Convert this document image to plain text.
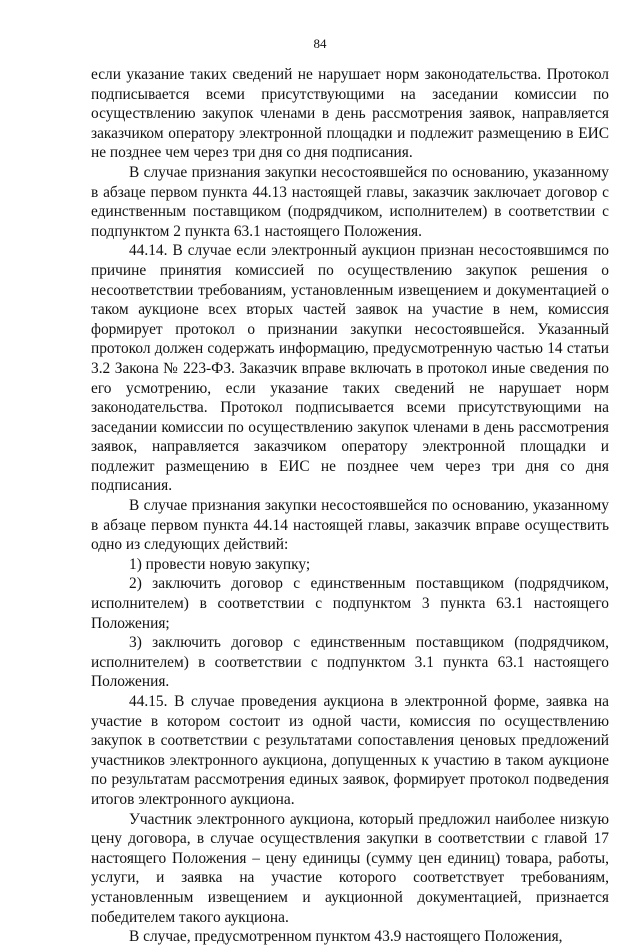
84

если указание таких сведений не нарушает норм законодательства. Протокол подписывается всеми присутствующими на заседании комиссии по осуществлению закупок членами в день рассмотрения заявок, направляется заказчиком оператору электронной площадки и подлежит размещению в ЕИС не позднее чем через три дня со дня подписания.

В случае признания закупки несостоявшейся по основанию, указанному в абзаце первом пункта 44.13 настоящей главы, заказчик заключает договор с единственным поставщиком (подрядчиком, исполнителем) в соответствии с подпунктом 2 пункта 63.1 настоящего Положения.

44.14. В случае если электронный аукцион признан несостоявшимся по причине принятия комиссией по осуществлению закупок решения о несоответствии требованиям, установленным извещением и документацией о таком аукционе всех вторых частей заявок на участие в нем, комиссия формирует протокол о признании закупки несостоявшейся. Указанный протокол должен содержать информацию, предусмотренную частью 14 статьи 3.2 Закона № 223-ФЗ. Заказчик вправе включать в протокол иные сведения по его усмотрению, если указание таких сведений не нарушает норм законодательства. Протокол подписывается всеми присутствующими на заседании комиссии по осуществлению закупок членами в день рассмотрения заявок, направляется заказчиком оператору электронной площадки и подлежит размещению в ЕИС не позднее чем через три дня со дня подписания.

В случае признания закупки несостоявшейся по основанию, указанному в абзаце первом пункта 44.14 настоящей главы, заказчик вправе осуществить одно из следующих действий:

1) провести новую закупку;

2) заключить договор с единственным поставщиком (подрядчиком, исполнителем) в соответствии с подпунктом 3 пункта 63.1 настоящего Положения;

3) заключить договор с единственным поставщиком (подрядчиком, исполнителем) в соответствии с подпунктом 3.1 пункта 63.1 настоящего Положения.

44.15. В случае проведения аукциона в электронной форме, заявка на участие в котором состоит из одной части, комиссия по осуществлению закупок в соответствии с результатами сопоставления ценовых предложений участников электронного аукциона, допущенных к участию в таком аукционе по результатам рассмотрения единых заявок, формирует протокол подведения итогов электронного аукциона.

Участник электронного аукциона, который предложил наиболее низкую цену договора, в случае осуществления закупки в соответствии с главой 17 настоящего Положения – цену единицы (сумму цен единиц) товара, работы, услуги, и заявка на участие которого соответствует требованиям, установленным извещением и аукционной документацией, признается победителем такого аукциона.

В случае, предусмотренном пунктом 43.9 настоящего Положения,
